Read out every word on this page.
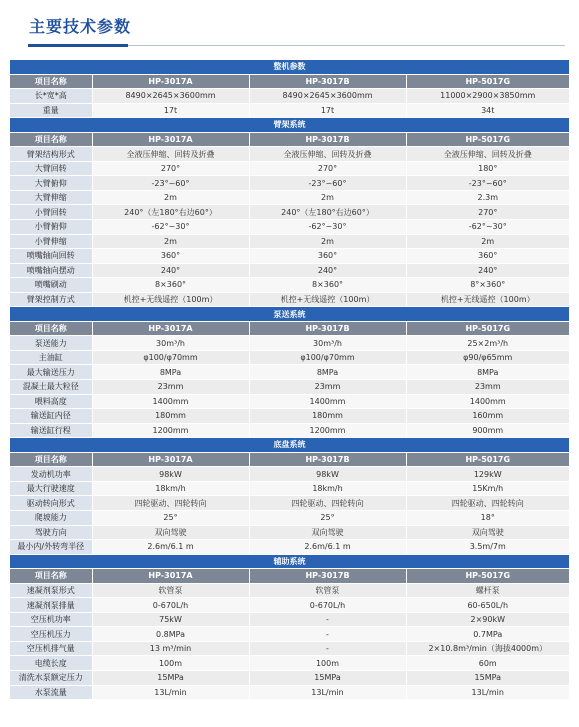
主要技术参数
整机参数			
项目名称	HP-3017A	HP-3017B	HP-5017G
长*宽*高	8490×2645×3600mm	8490×2645×3600mm	11000×2900×3850mm
重量	17t	17t	34t
臂架系统			
项目名称	HP-3017A	HP-3017B	HP-5017G
臂架结构形式	全液压伸缩、回转及折叠	全液压伸缩、回转及折叠	全液压伸缩、回转及折叠
大臂回转	270°	270°	180°
大臂俯仰	-23°~60°	-23°~60°	-23°~60°
大臂伸缩	2m	2m	2.3m
小臂回转	240°（左180°右边60°）	240°（左180°右边60°）	270°
小臂俯仰	-62°~30°	-62°~30°	-62°~30°
小臂伸缩	2m	2m	2m
喷嘴轴向回转	360°	360°	360°
喷嘴轴向摆动	240°	240°	240°
喷嘴刷动	8×360°	8×360°	8°×360°
臂架控制方式	机控+无线遥控（100m）	机控+无线遥控（100m）	机控+无线遥控（100m）
泵送系统			
项目名称	HP-3017A	HP-3017B	HP-5017G
泵送能力	30m³/h	30m³/h	25×2m³/h
主油缸	φ100/φ70mm	φ100/φ70mm	φ90/φ65mm
最大输送压力	8MPa	8MPa	8MPa
混凝土最大粒径	23mm	23mm	23mm
喂料高度	1400mm	1400mm	1400mm
输送缸内径	180mm	180mm	160mm
输送缸行程	1200mm	1200mm	900mm
底盘系统			
项目名称	HP-3017A	HP-3017B	HP-5017G
发动机功率	98kW	98kW	129kW
最大行驶速度	18km/h	18km/h	15Km/h
驱动转向形式	四轮驱动、四轮转向	四轮驱动、四轮转向	四轮驱动、四轮转向
爬坡能力	25°	25°	18°
驾驶方向	双向驾驶	双向驾驶	双向驾驶
最小内/外转弯半径	2.6m/6.1 m	2.6m/6.1 m	3.5m/7m
辅助系统			
项目名称	HP-3017A	HP-3017B	HP-5017G
速凝剂泵形式	软管泵	软管泵	螺杆泵
速凝剂泵排量	0-670L/h	0-670L/h	60-650L/h
空压机功率	75kW	-	2×90kW
空压机压力	0.8MPa	-	0.7MPa
空压机排气量	13 m³/min	-	2×10.8m³/min（海拔4000m）
电缆长度	100m	100m	60m
清洗水泵额定压力	15MPa	15MPa	15MPa
水泵流量	13L/min	13L/min	13L/min
